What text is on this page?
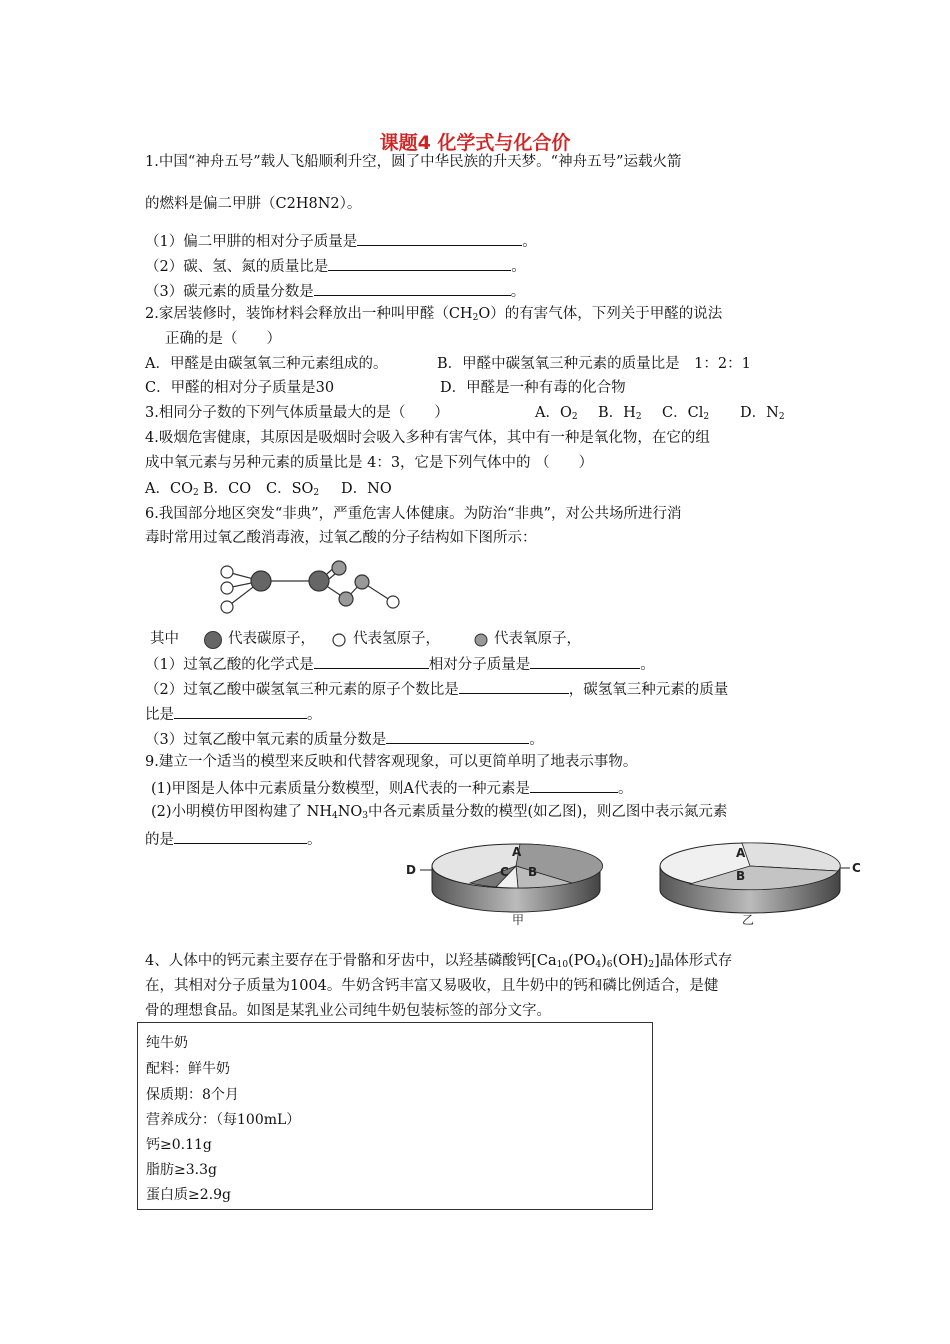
课题4 化学式与化合价
1.中国“神舟五号”载人飞船顺利升空，圆了中华民族的升天梦。“神舟五号”运载火箭
的燃料是偏二甲肼（C2H8N2）。
（1）偏二甲肼的相对分子质量是	。
（2）碳、氢、氮的质量比是	。
（3）碳元素的质量分数是	。
2.家居装修时，装饰材料会释放出一种叫甲醛$(CH_2O)$的有害气体，下列关于甲醛的说法
正确的是（　　）
A．甲醛是由碳氢氧三种元素组成的。	B．甲醛中碳氢氧三种元素的质量比是　1：2：1
C．甲醛的相对分子质量是30	D．甲醛是一种有毒的化合物
3.相同分子数的下列气体质量最大的是（　　）	A．$O_2$ B．$H_2$ C．$Cl_2$ D．$N_2$
4.吸烟危害健康，其原因是吸烟时会吸入多种有害气体，其中有一种是氧化物，在它的组
成中氧元素与另种元素的质量比是 4：3，它是下列气体中的 （　　）
A．$CO_2$ B．CO C．$SO_2$ D．NO
6.我国部分地区突发“非典”，严重危害人体健康。为防治“非典”，对公共场所进行消
毒时常用过氧乙酸消毒液，过氧乙酸的分子结构如下图所示：
其中	代表碳原子，	代表氢原子，	代表氧原子，
（1）过氧乙酸的化学式是	相对分子质量是	。
（2）过氧乙酸中碳氢氧三种元素的原子个数比是	，碳氢氧三种元素的质量
比是	。
（3）过氧乙酸中氧元素的质量分数是	。
9.建立一个适当的模型来反映和代替客观现象，可以更简单明了地表示事物。
(1)甲图是人体中元素质量分数模型，则A代表的一种元素是	。
(2)小明模仿甲图构建了 $NH_4NO_3$中各元素质量分数的模型(如乙图)，则乙图中表示氮元素
的是	。
A
B
C
D
甲
A
B
C
乙
4、人体中的钙元素主要存在于骨骼和牙齿中，以羟基磷酸钙$[Ca_{10}(PO_4)_6(OH)_2]$晶体形式存
在，其相对分子质量为1004。牛奶含钙丰富又易吸收，且牛奶中的钙和磷比例适合，是健
骨的理想食品。如图是某乳业公司纯牛奶包装标签的部分文字。
纯牛奶
配料：鲜牛奶
保质期：8个月
营养成分：（每100mL）
钙≥0.11g
脂肪≥3.3g
蛋白质≥2.9g
